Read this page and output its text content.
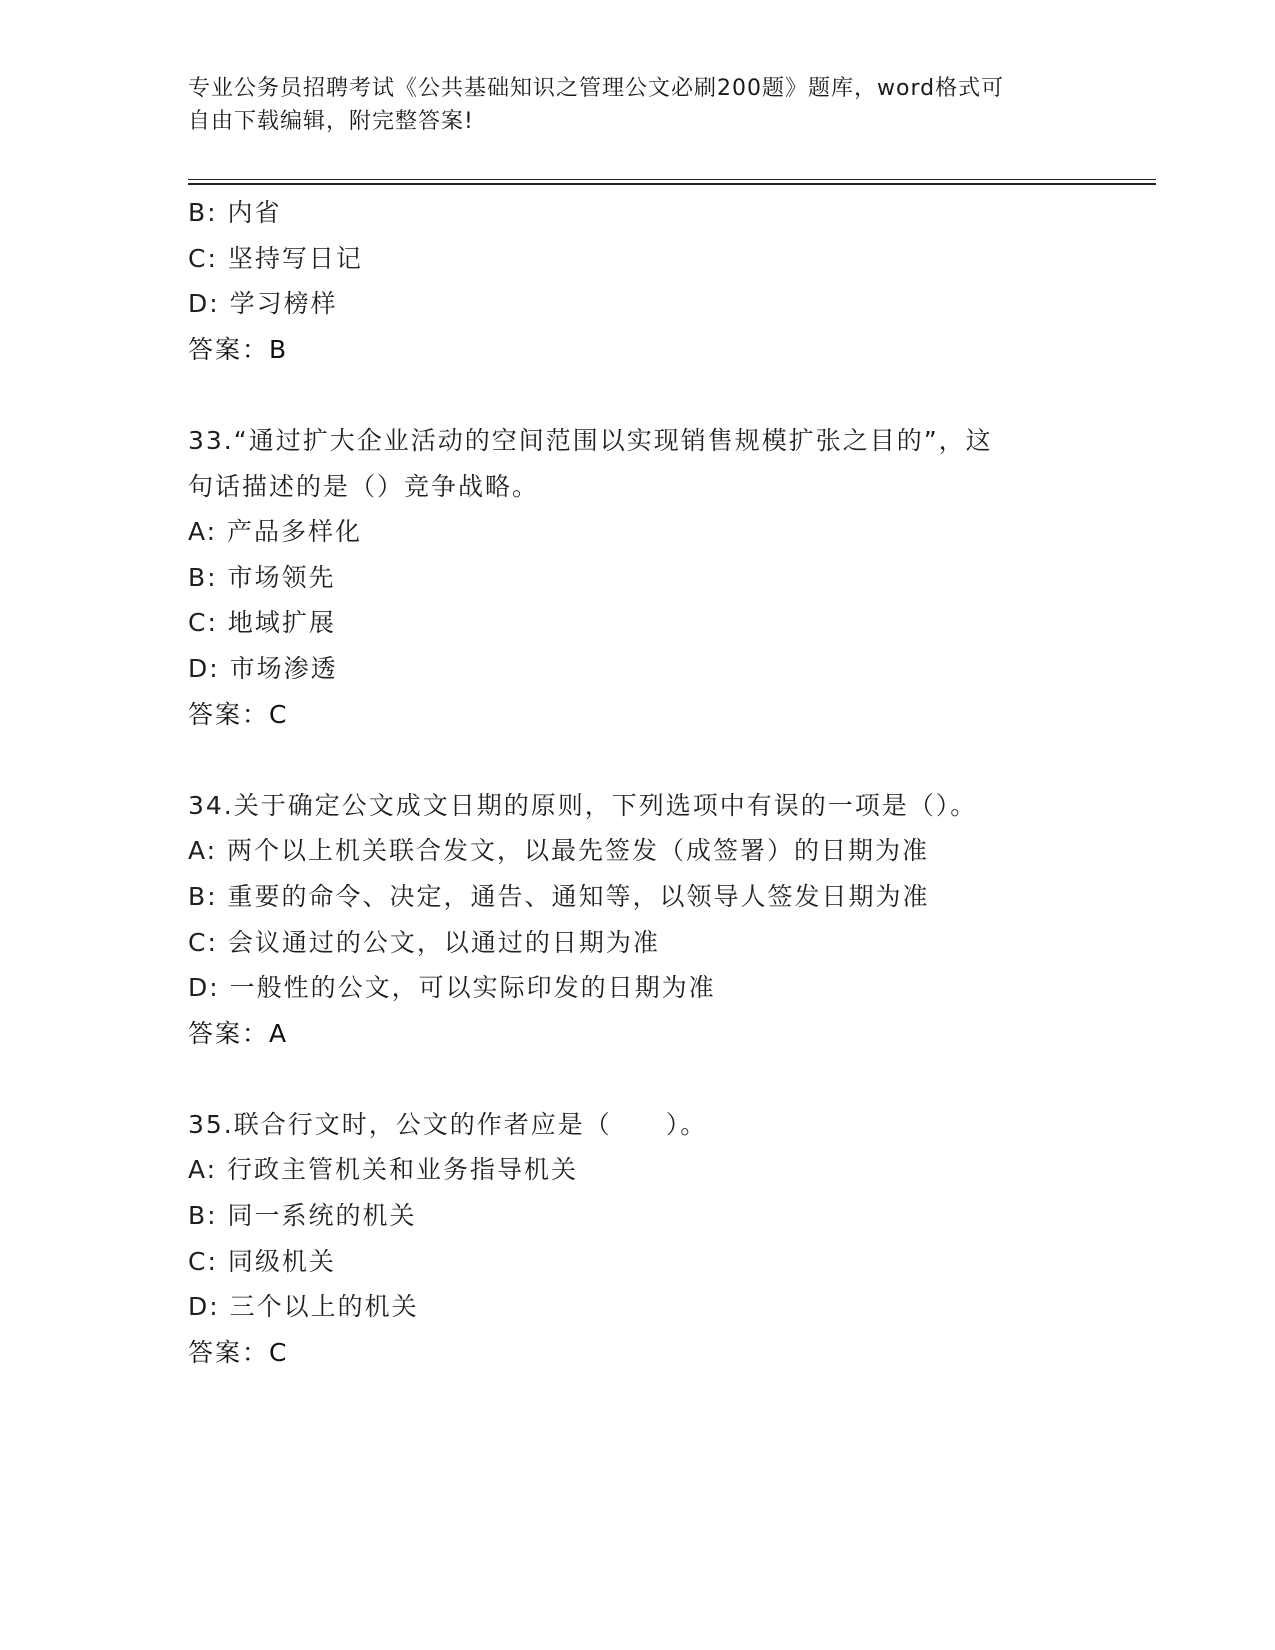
专业公务员招聘考试《公共基础知识之管理公文必刷200题》题库，word格式可
自由下载编辑，附完整答案!
B: 内省
C: 坚持写日记
D: 学习榜样
答案：B
33.“通过扩大企业活动的空间范围以实现销售规模扩张之目的”，这
句话描述的是（）竞争战略。
A: 产品多样化
B: 市场领先
C: 地域扩展
D: 市场渗透
答案：C
34.关于确定公文成文日期的原则，下列选项中有误的一项是（）。
A: 两个以上机关联合发文，以最先签发（成签署）的日期为准
B: 重要的命令、决定，通告、通知等，以领导人签发日期为准
C: 会议通过的公文，以通过的日期为准
D: 一般性的公文，可以实际印发的日期为准
答案：A
35.联合行文时，公文的作者应是（　　）。
A: 行政主管机关和业务指导机关
B: 同一系统的机关
C: 同级机关
D: 三个以上的机关
答案：C
